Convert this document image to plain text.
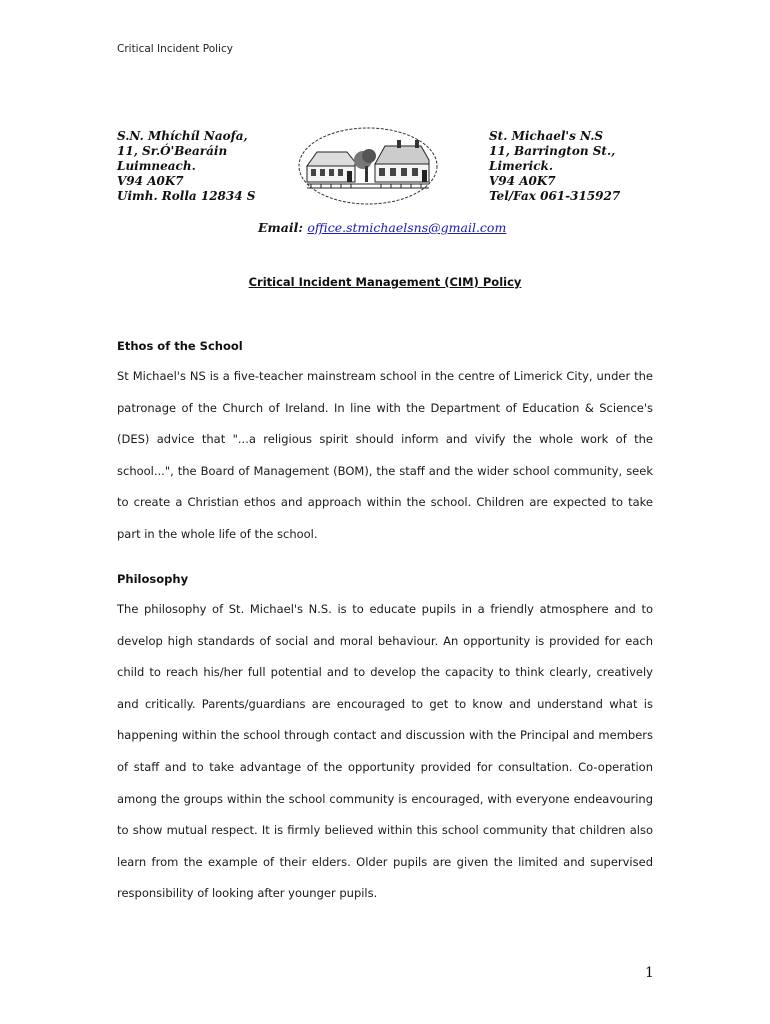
Critical Incident Policy
S.N. Mhíchíl Naofa,
11, Sr.Ó'Bearáin
Luimneach.
V94 A0K7
Uimh. Rolla 12834 S
St. Michael's N.S
11, Barrington St.,
Limerick.
V94 A0K7
Tel/Fax 061-315927
Email: office.stmichaelsns@gmail.com
Critical Incident Management (CIM) Policy
Ethos of the School
St Michael's NS is a five-teacher mainstream school in the centre of Limerick City, under the patronage of the Church of Ireland. In line with the Department of Education & Science's (DES) advice that "...a religious spirit should inform and vivify the whole work of the school...", the Board of Management (BOM), the staff and the wider school community, seek to create a Christian ethos and approach within the school. Children are expected to take part in the whole life of the school.
Philosophy
The philosophy of St. Michael's N.S. is to educate pupils in a friendly atmosphere and to develop high standards of social and moral behaviour. An opportunity is provided for each child to reach his/her full potential and to develop the capacity to think clearly, creatively and critically. Parents/guardians are encouraged to get to know and understand what is happening within the school through contact and discussion with the Principal and members of staff and to take advantage of the opportunity provided for consultation. Co-operation among the groups within the school community is encouraged, with everyone endeavouring to show mutual respect. It is firmly believed within this school community that children also learn from the example of their elders. Older pupils are given the limited and supervised responsibility of looking after younger pupils.
1
